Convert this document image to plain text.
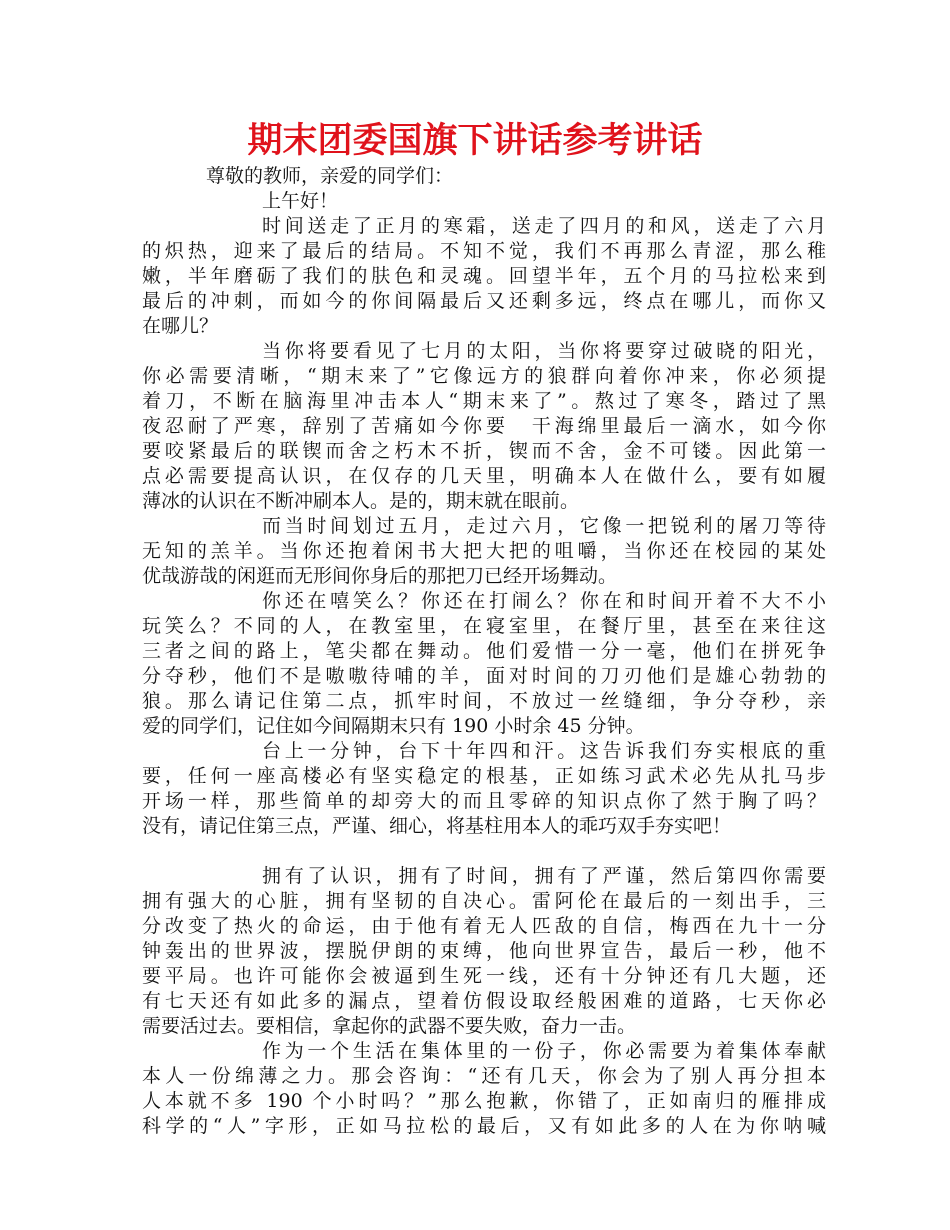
期末团委国旗下讲话参考讲话
尊敬的教师，亲爱的同学们：
上午好！
时间送走了正月的寒霜，送走了四月的和风，送走了六月
的炽热，迎来了最后的结局。不知不觉，我们不再那么青涩，那么稚
嫩，半年磨砺了我们的肤色和灵魂。回望半年，五个月的马拉松来到
最后的冲刺，而如今的你间隔最后又还剩多远，终点在哪儿，而你又
在哪儿？
当你将要看见了七月的太阳，当你将要穿过破晓的阳光，
你必需要清晰，“期末来了”它像远方的狼群向着你冲来，你必须提
着刀，不断在脑海里冲击本人“期末来了”。熬过了寒冬，踏过了黑
夜忍耐了严寒，辞别了苦痛如今你要　干海绵里最后一滴水，如今你
要咬紧最后的联锲而舍之朽木不折，锲而不舍，金不可镂。因此第一
点必需要提高认识，在仅存的几天里，明确本人在做什么，要有如履
薄冰的认识在不断冲刷本人。是的，期末就在眼前。
而当时间划过五月，走过六月，它像一把锐利的屠刀等待
无知的羔羊。当你还抱着闲书大把大把的咀嚼，当你还在校园的某处
优哉游哉的闲逛而无形间你身后的那把刀已经开场舞动。
你还在嘻笑么？你还在打闹么？你在和时间开着不大不小
玩笑么？不同的人，在教室里，在寝室里，在餐厅里，甚至在来往这
三者之间的路上，笔尖都在舞动。他们爱惜一分一毫，他们在拼死争
分夺秒，他们不是嗷嗷待哺的羊，面对时间的刀刃他们是雄心勃勃的
狼。那么请记住第二点，抓牢时间，不放过一丝缝细，争分夺秒，亲
爱的同学们，记住如今间隔期末只有 190 小时余 45 分钟。
台上一分钟，台下十年四和汗。这告诉我们夯实根底的重
要，任何一座高楼必有坚实稳定的根基，正如练习武术必先从扎马步
开场一样，那些简单的却旁大的而且零碎的知识点你了然于胸了吗？
没有，请记住第三点，严谨、细心，将基柱用本人的乖巧双手夯实吧！
拥有了认识，拥有了时间，拥有了严谨，然后第四你需要
拥有强大的心脏，拥有坚韧的自决心。雷阿伦在最后的一刻出手，三
分改变了热火的命运，由于他有着无人匹敌的自信，梅西在九十一分
钟轰出的世界波，摆脱伊朗的束缚，他向世界宣告，最后一秒，他不
要平局。也许可能你会被逼到生死一线，还有十分钟还有几大题，还
有七天还有如此多的漏点，望着仿假设取经般困难的道路，七天你必
需要活过去。要相信，拿起你的武器不要失败，奋力一击。
作为一个生活在集体里的一份子，你必需要为着集体奉献
本人一份绵薄之力。那会咨询：“还有几天，你会为了别人再分担本
人本就不多 190 个小时吗？”那么抱歉，你错了，正如南归的雁排成
科学的“人”字形，正如马拉松的最后，又有如此多的人在为你呐喊
